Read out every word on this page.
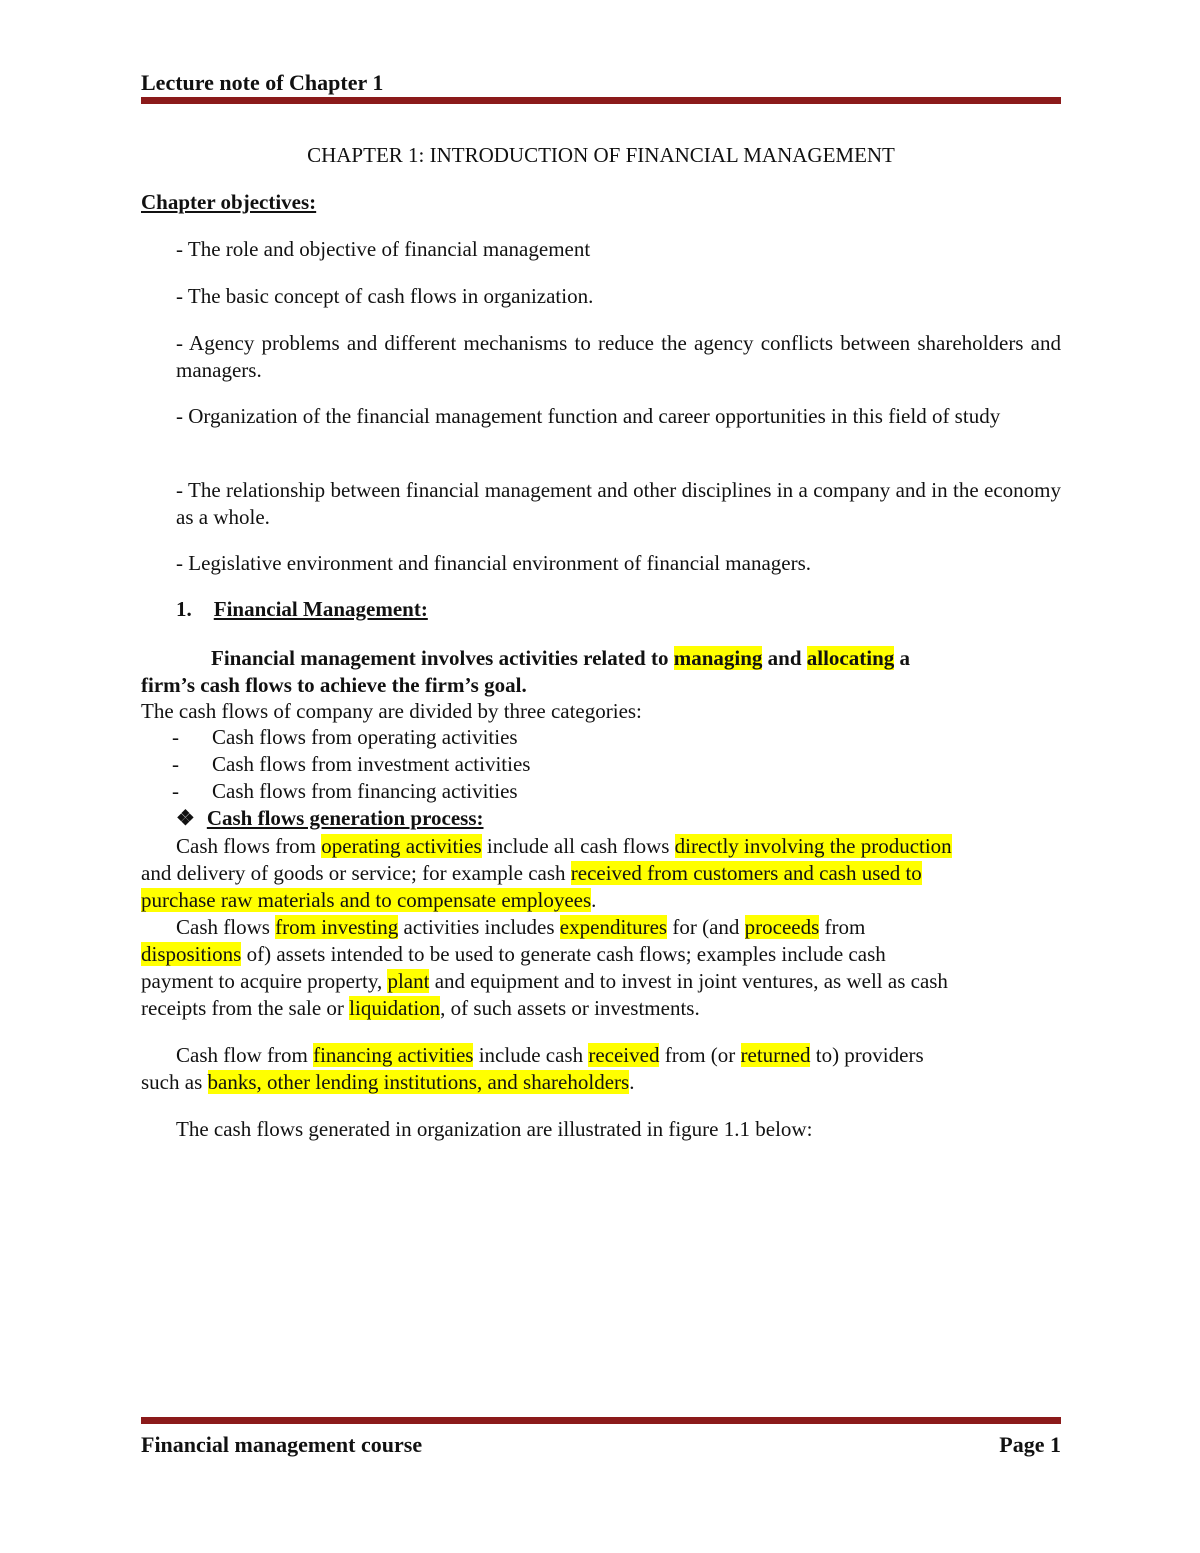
Lecture note of Chapter 1
CHAPTER 1: INTRODUCTION OF FINANCIAL MANAGEMENT
Chapter objectives:
- The role and objective of financial management
- The basic concept of cash flows in organization.
- Agency problems and different mechanisms to reduce the agency conflicts between shareholders and managers.
- Organization of the financial management function and career opportunities in this field of study
- The relationship between financial management and other disciplines in a company and in the economy as a whole.
- Legislative environment and financial environment of financial managers.
1. Financial Management:
Financial management involves activities related to managing and allocating a
firm’s cash flows to achieve the firm’s goal.
The cash flows of company are divided by three categories:
- Cash flows from operating activities
- Cash flows from investment activities
- Cash flows from financing activities
❖ Cash flows generation process:
Cash flows from operating activities include all cash flows directly involving the production
and delivery of goods or service; for example cash received from customers and cash used to
purchase raw materials and to compensate employees.
Cash flows from investing activities includes expenditures for (and proceeds from
dispositions of) assets intended to be used to generate cash flows; examples include cash
payment to acquire property, plant and equipment and to invest in joint ventures, as well as cash
receipts from the sale or liquidation, of such assets or investments.
Cash flow from financing activities include cash received from (or returned to) providers
such as banks, other lending institutions, and shareholders.
The cash flows generated in organization are illustrated in figure 1.1 below:
Financial management course	Page 1
